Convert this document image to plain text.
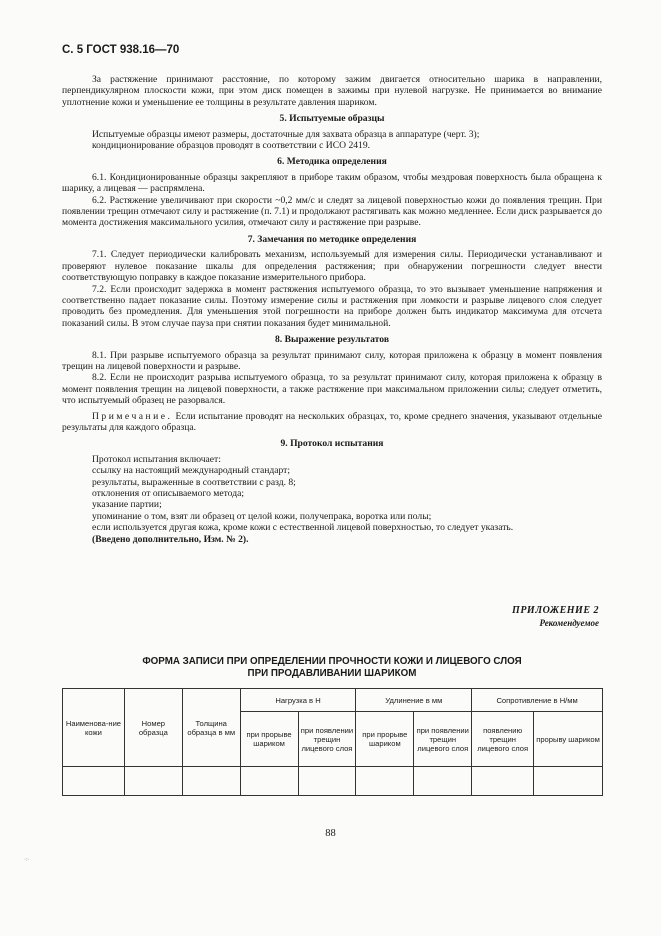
С. 5 ГОСТ 938.16—70

За растяжение принимают расстояние, по которому зажим двигается относительно шарика в направлении, перпендикулярном плоскости кожи, при этом диск помещен в зажимы при нулевой нагрузке. Не принимается во внимание уплотнение кожи и уменьшение ее толщины в результате давления шариком.

5. Испытуемые образцы

Испытуемые образцы имеют размеры, достаточные для захвата образца в аппаратуре (черт. 3);

кондиционирование образцов проводят в соответствии с ИСО 2419.

6. Методика определения

6.1. Кондиционированные образцы закрепляют в приборе таким образом, чтобы мездровая поверхность была обращена к шарику, а лицевая — распрямлена.

6.2. Растяжение увеличивают при скорости ~0,2 мм/с и следят за лицевой поверхностью кожи до появления трещин. При появлении трещин отмечают силу и растяжение (п. 7.1) и продолжают растягивать как можно медленнее. Если диск разрывается до момента достижения максимального усилия, отмечают силу и растяжение при разрыве.

7. Замечания по методике определения

7.1. Следует периодически калибровать механизм, используемый для измерения силы. Периодически устанавливают и проверяют нулевое показание шкалы для определения растяжения; при обнаружении погрешности следует внести соответствующую поправку в каждое показание измерительного прибора.

7.2. Если происходит задержка в момент растяжения испытуемого образца, то это вызывает уменьшение напряжения и соответственно падает показание силы. Поэтому измерение силы и растяжения при ломкости и разрыве лицевого слоя следует проводить без промедления. Для уменьшения этой погрешности на приборе должен быть индикатор максимума для отсчета показаний силы. В этом случае пауза при снятии показания будет минимальной.

8. Выражение результатов

8.1. При разрыве испытуемого образца за результат принимают силу, которая приложена к образцу в момент появления трещин на лицевой поверхности и разрыве.

8.2. Если не происходит разрыва испытуемого образца, то за результат принимают силу, которая приложена к образцу в момент появления трещин на лицевой поверхности, а также растяжение при максимальном приложении силы; следует отметить, что испытуемый образец не разорвался.

Примечание. Если испытание проводят на нескольких образцах, то, кроме среднего значения, указывают отдельные результаты для каждого образца.

9. Протокол испытания

Протокол испытания включает:

ссылку на настоящий международный стандарт;

результаты, выраженные в соответствии с разд. 8;

отклонения от описываемого метода;

указание партии;

упоминание о том, взят ли образец от целой кожи, получепрака, воротка или полы;

если используется другая кожа, кроме кожи с естественной лицевой поверхностью, то следует указать.

(Введено дополнительно, Изм. № 2).

ПРИЛОЖЕНИЕ 2
Рекомендуемое
ФОРМА ЗАПИСИ ПРИ ОПРЕДЕЛЕНИИ ПРОЧНОСТИ КОЖИ И ЛИЦЕВОГО СЛОЯ
ПРИ ПРОДАВЛИВАНИИ ШАРИКОМ
Наименова-ние кожи	Номер образца	Толщина образца в мм	Нагрузка в Н		Удлинение в мм		Сопротивление в Н/мм	
			при прорыве шариком	при появлении трещин лицевого слоя	при прорыве шариком	при появлении трещин лицевого слоя	появлению трещин лицевого слоя	прорыву шариком

88
·:·
